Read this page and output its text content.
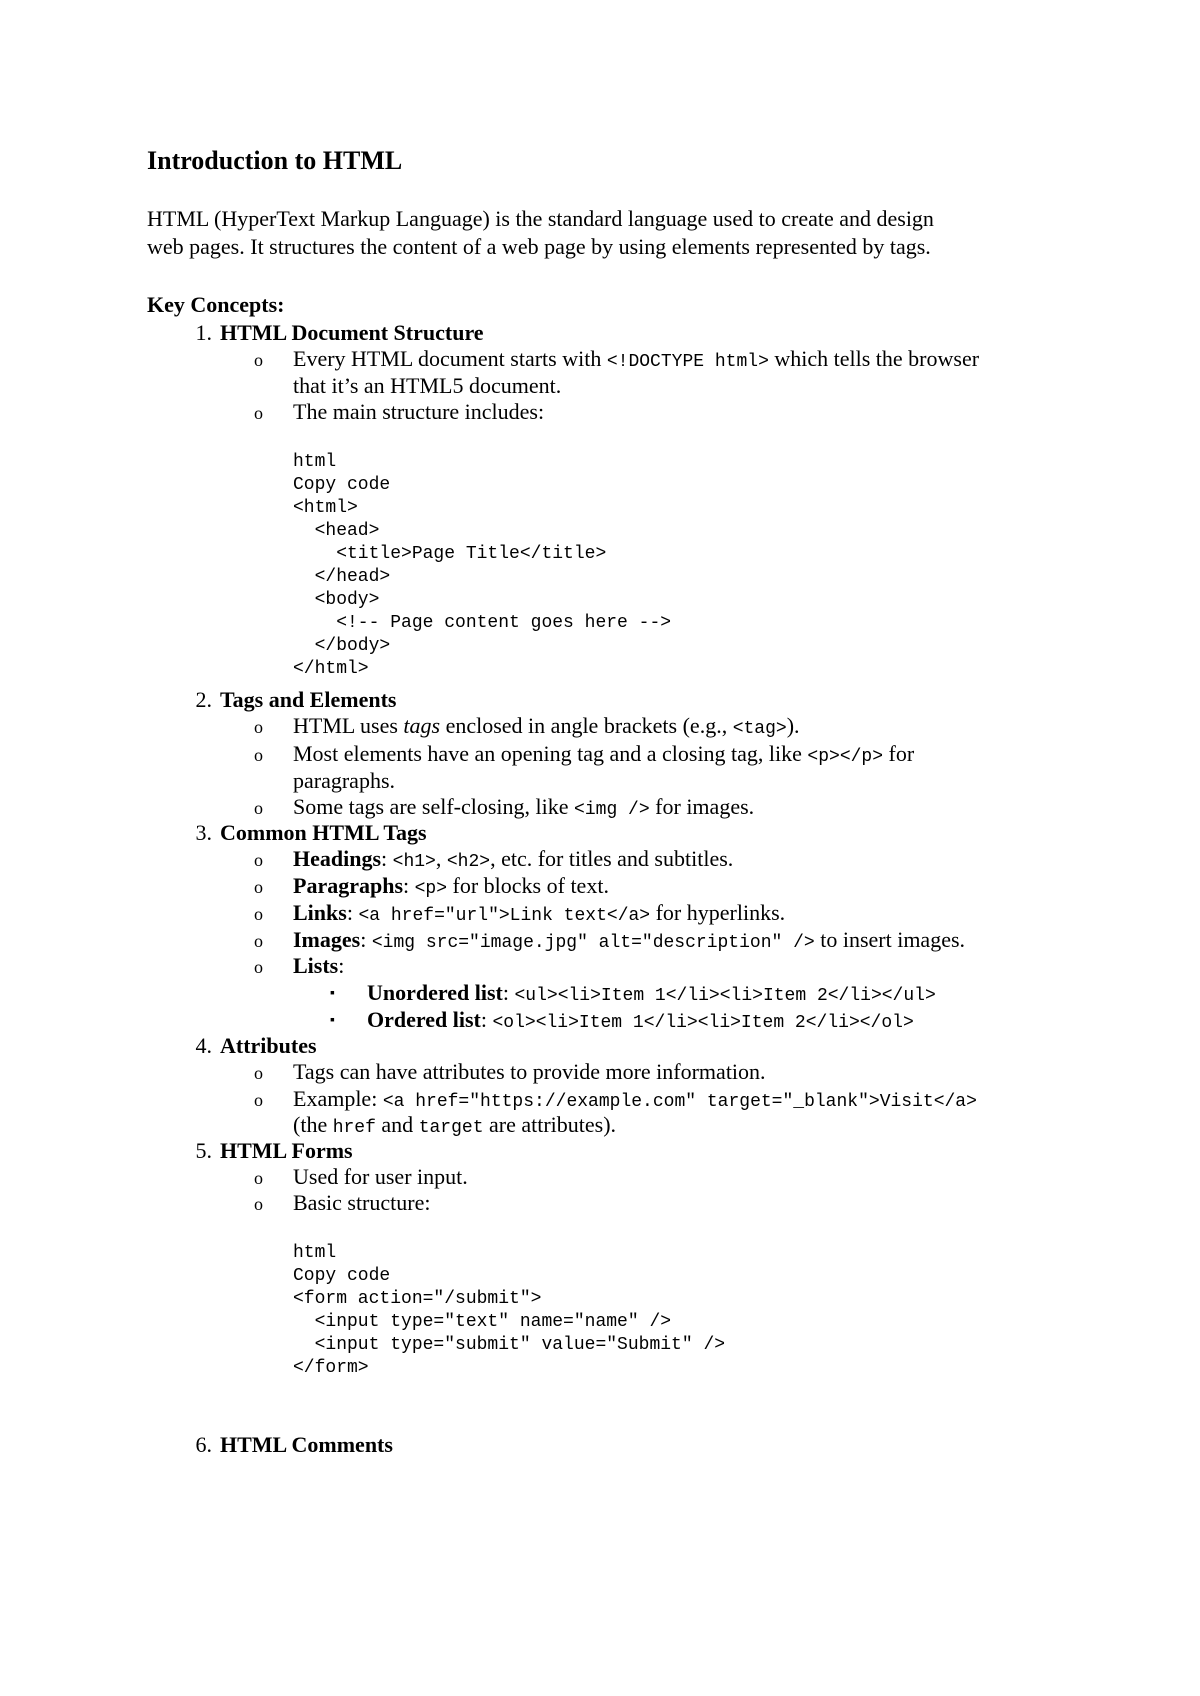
Introduction to HTML
HTML (HyperText Markup Language) is the standard language used to create and design
web pages. It structures the content of a web page by using elements represented by tags.
Key Concepts:
1. HTML Document Structure
o Every HTML document starts with <!DOCTYPE html> which tells the browser
that it’s an HTML5 document.
o The main structure includes:
html
Copy code
<html>
<head>
<title>Page Title</title>
</head>
<body>
<!-- Page content goes here -->
</body>
</html>
2. Tags and Elements
o HTML uses tags enclosed in angle brackets (e.g., <tag>).
o Most elements have an opening tag and a closing tag, like <p></p> for
paragraphs.
o Some tags are self-closing, like <img /> for images.
3. Common HTML Tags
o Headings: <h1>, <h2>, etc. for titles and subtitles.
o Paragraphs: <p> for blocks of text.
o Links: <a href="url">Link text</a> for hyperlinks.
o Images: <img src="image.jpg" alt="description" /> to insert images.
o Lists:
▪ Unordered list: <ul><li>Item 1</li><li>Item 2</li></ul>
▪ Ordered list: <ol><li>Item 1</li><li>Item 2</li></ol>
4. Attributes
o Tags can have attributes to provide more information.
o Example: <a href="https://example.com" target="_blank">Visit</a>
(the href and target are attributes).
5. HTML Forms
o Used for user input.
o Basic structure:
html
Copy code
<form action="/submit">
<input type="text" name="name" />
<input type="submit" value="Submit" />
</form>
6. HTML Comments
